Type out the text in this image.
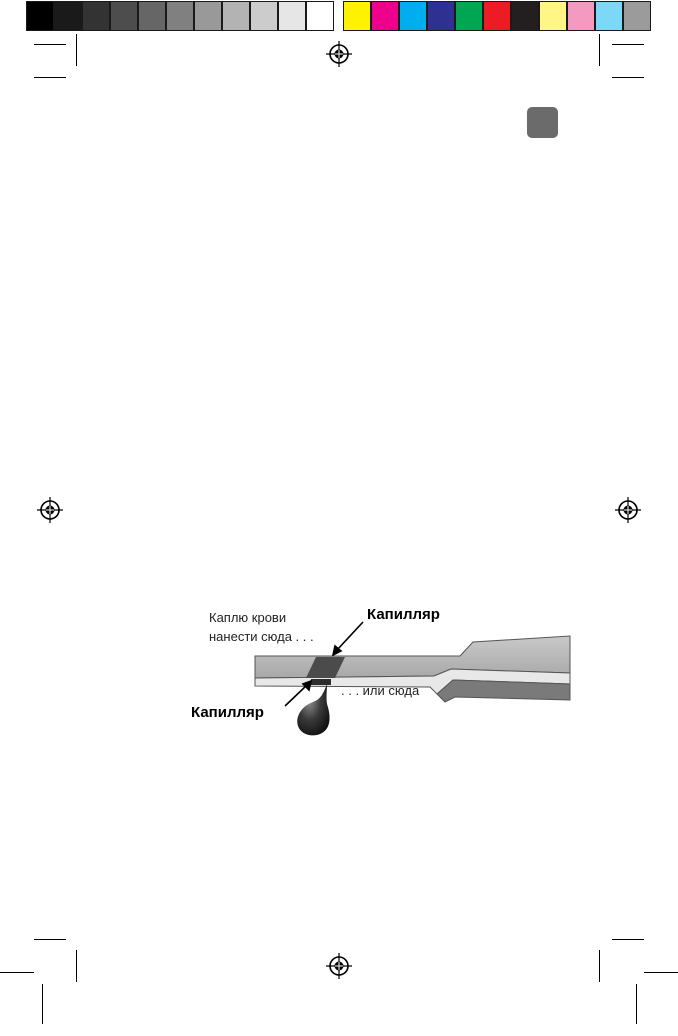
Каплю крови
нанести сюда . . .
Капилляр
Капилляр
. . . или сюда
